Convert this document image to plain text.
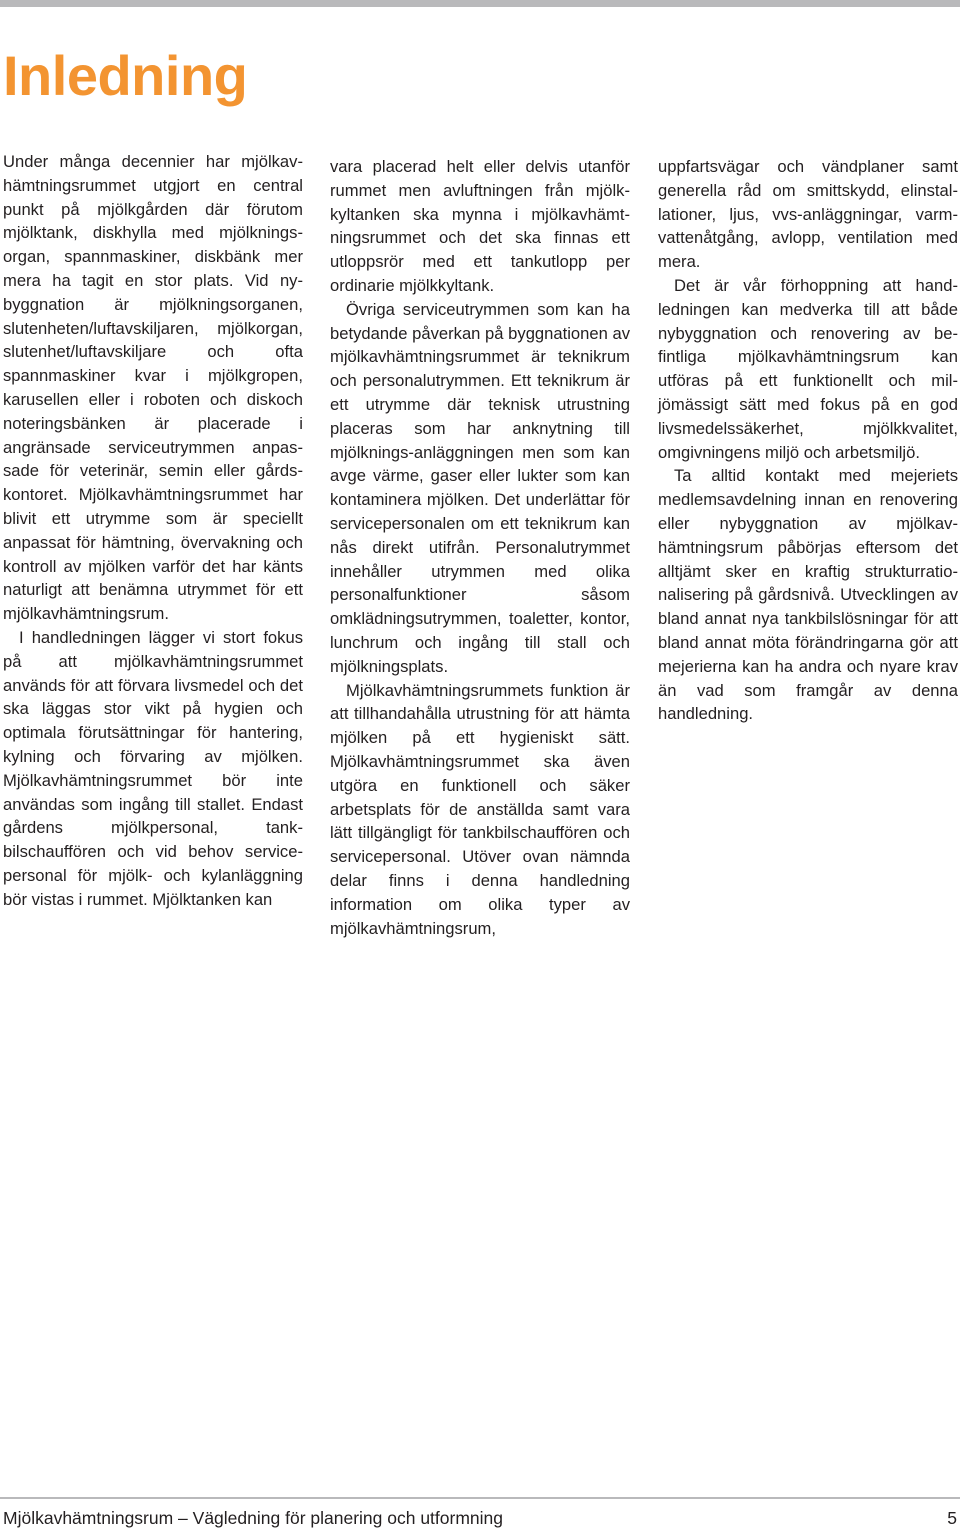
Inledning

Under många decennier har mjölkavhämtningsrummet utgjort en central punkt på mjölkgården där förutom mjölktank, diskhylla med mjölkningsorgan, spannmaskiner, diskbänk mer mera ha tagit en stor plats. Vid nybyggnation är mjölkningsorganen, slutenheten/luftavskiljaren, mjölkorgan, slutenhet/luftavskiljare och ofta spannmaskiner kvar i mjölkgropen, karusellen eller i roboten och diskoch noteringsbänken är placerade i angränsade serviceutrymmen anpassade för veterinär, semin eller gårdskontoret. Mjölkavhämtningsrummet har blivit ett utrymme som är speciellt anpassat för hämtning, övervakning och kontroll av mjölken varför det har känts naturligt att benämna utrymmet för ett mjölkavhämtningsrum.

I handledningen lägger vi stort fokus på att mjölkavhämtningsrummet används för att förvara livsmedel och det ska läggas stor vikt på hygien och optimala förutsättningar för hantering, kylning och förvaring av mjölken. Mjölkavhämtningsrummet bör inte användas som ingång till stallet. Endast gårdens mjölkpersonal, tankbilschauffören och vid behov servicepersonal för mjölk- och kylanläggning bör vistas i rummet. Mjölktanken kan

vara placerad helt eller delvis utanför rummet men avluftningen från mjölkkyltanken ska mynna i mjölkavhämtningsrummet och det ska finnas ett utloppsrör med ett tankutlopp per ordinarie mjölkkyltank.

Övriga serviceutrymmen som kan ha betydande påverkan på byggnationen av mjölkavhämtningsrummet är teknikrum och personalutrymmen. Ett teknikrum är ett utrymme där teknisk utrustning placeras som har anknytning till mjölknings-anläggningen men som kan avge värme, gaser eller lukter som kan kontaminera mjölken. Det underlättar för servicepersonalen om ett teknikrum kan nås direkt utifrån. Personalutrymmet innehåller utrymmen med olika personalfunktioner såsom omklädningsutrymmen, toaletter, kontor, lunchrum och ingång till stall och mjölkningsplats.

Mjölkavhämtningsrummets funktion är att tillhandahålla utrustning för att hämta mjölken på ett hygieniskt sätt. Mjölkavhämtningsrummet ska även utgöra en funktionell och säker arbetsplats för de anställda samt vara lätt tillgängligt för tankbilschauffören och servicepersonal. Utöver ovan nämnda delar finns i denna handledning information om olika typer av mjölkavhämtningsrum,

uppfartsvägar och vändplaner samt generella råd om smittskydd, elinstallationer, ljus, vvs-anläggningar, varmvattenåtgång, avlopp, ventilation med mera.

Det är vår förhoppning att handledningen kan medverka till att både nybyggnation och renovering av befintliga mjölkavhämtningsrum kan utföras på ett funktionellt och miljömässigt sätt med fokus på en god livsmedelssäkerhet, mjölkkvalitet, omgivningens miljö och arbetsmiljö.

Ta alltid kontakt med mejeriets medlemsavdelning innan en renovering eller nybyggnation av mjölkavhämtningsrum påbörjas eftersom det alltjämt sker en kraftig strukturrationalisering på gårdsnivå. Utvecklingen av bland annat nya tankbilslösningar för att bland annat möta förändringarna gör att mejerierna kan ha andra och nyare krav än vad som framgår av denna handledning.

Mjölkavhämtningsrum – Vägledning för planering och utformning	5
